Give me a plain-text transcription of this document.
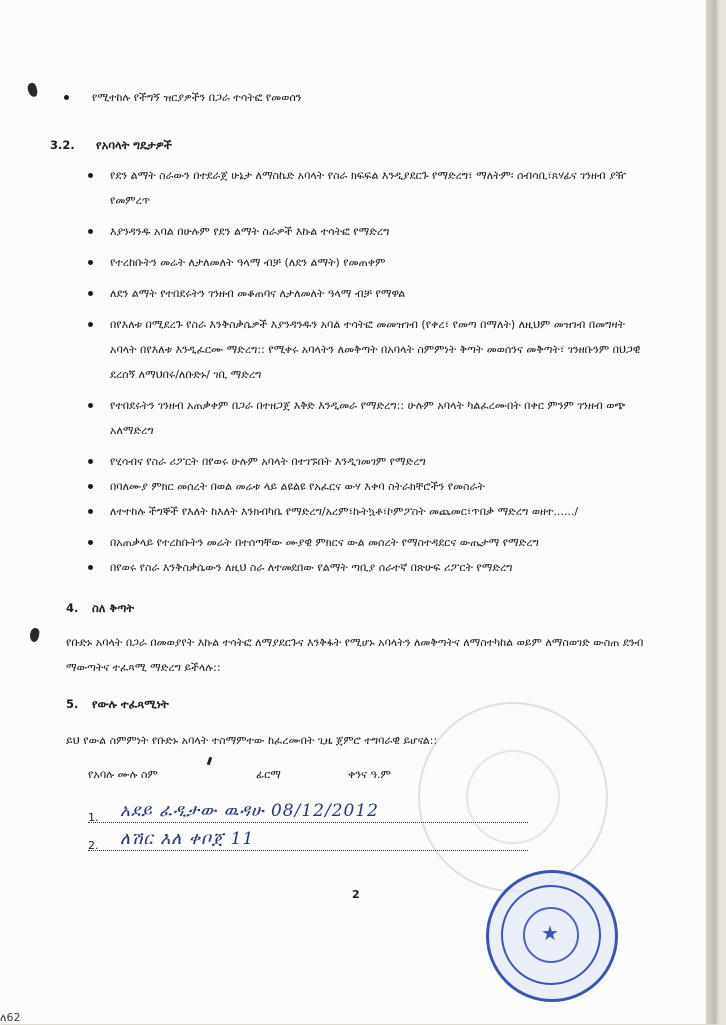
የሚተከሉ የችግኝ ዝርያዎችን በጋራ ተሳትፎ የመወሰን
3.2. የአባላት ግዴታዎች
የደን ልማት ስራውን በተደራጀ ሁኔታ ለማስኬድ አባላት የስራ ክፍፍል እንዲያደርጉ የማድረግ፣ ማለትም፡ ሰብሳቢ፣ጸሃፊና ገንዘብ ያዥ የመምረጥ
እያንዳንዱ አባል በሁሉም የደን ልማት ስራዎች እኩል ተሳትፎ የማድረግ
የተረከቡትን መሬት ለታለመለት ዓላማ ብቻ (ለደን ልማት) የመጠቀም
ለደን ልማት የተበደሩትን ገንዘብ መቆጠባና ለታለመለት ዓላማ ብቻ የማዋል
በየእለቱ በሚደረጉ የስራ እንቅስቃሴዎች እያንዳንዱን አባል ተሳትፎ መመዝገብ (የቀረ፣ የመጣ በማለት) ለዚህም መዝገብ በመግዛት አባላት በየእለቱ እንዲፈርሙ ማድረግ:: የሚቀሩ አባላትን ለመቅጣት በአባላት ስምምነት ቅጣት መወሰንና መቅጣት፣ ገንዘቡንም በህጋዊ ደረሰኝ ለማህበሩ/ለቡድኑ/ ገቢ ማድረግ
የተበደሩትን ገንዘብ አጠቃቀም በጋራ በተዘጋጀ እቅድ እንዲመራ የማድረግ:: ሁሉም አባላት ካልፈረሙበት በቀር ምንም ገንዘብ ወጭ አለማድረግ
የሂሳብና የስራ ሪፖርት በየወሩ ሁሉም አባላት በተገኙበት እንዲገመገም የማድረግ
በባለሙያ ምክር መሰረት በወል መሬቱ ላይ ልዩልዩ የአፈርና ውሃ እቀባ ስትራክቸሮችን የመስራት
ለተተከሉ ችግኞች የእለት ከእለት እንክብካቤ የማድረግ/አረም፣ኩትኳቶ፣ኮምፖስት መጨመር፣ጥበቃ ማድረግ ወዘተ....../
በአጠቃላይ የተረከቡትን መሬት በተሰጣቸው ሙያዊ ምክርና ውል መሰረት የማስተዳደርና ውጤታማ የማድረግ
በየወሩ የስራ እንቅስቃሴውን ለዚህ ስራ ለተመደበው የልማት ጣቢያ ሰራተኛ በጽሁፍ ሪፖርት የማድረግ
4. ስለ ቅጣት
የቡድኑ አባላት በጋራ በመወያየት እኩል ተሳትፎ ለማያደርጉና እንቅፋት የሚሆኑ አባላትን ለመቅጣትና ለማስተካከል ወይም ለማስወገድ ውስጠ ደንብ ማውጣትና ተፈጻሚ ማድረግ ይችላሉ::
5. የውሉ ተፈጻሚነት
ይህ የውል ስምምነት የቡድኑ አባላት ተስማምተው ከፈረሙበት ጊዜ ጀምሮ ተግባራዊ ይሆናል::
የአባሉ ሙሉ ስም	ፊርማ	ቀንና ዓ.ም
1. አደይ ፈዲታው ዉዳሁ 08/12/2012
2. ለሽር እለ ቀቦጀ 11
2
★
ለ62
